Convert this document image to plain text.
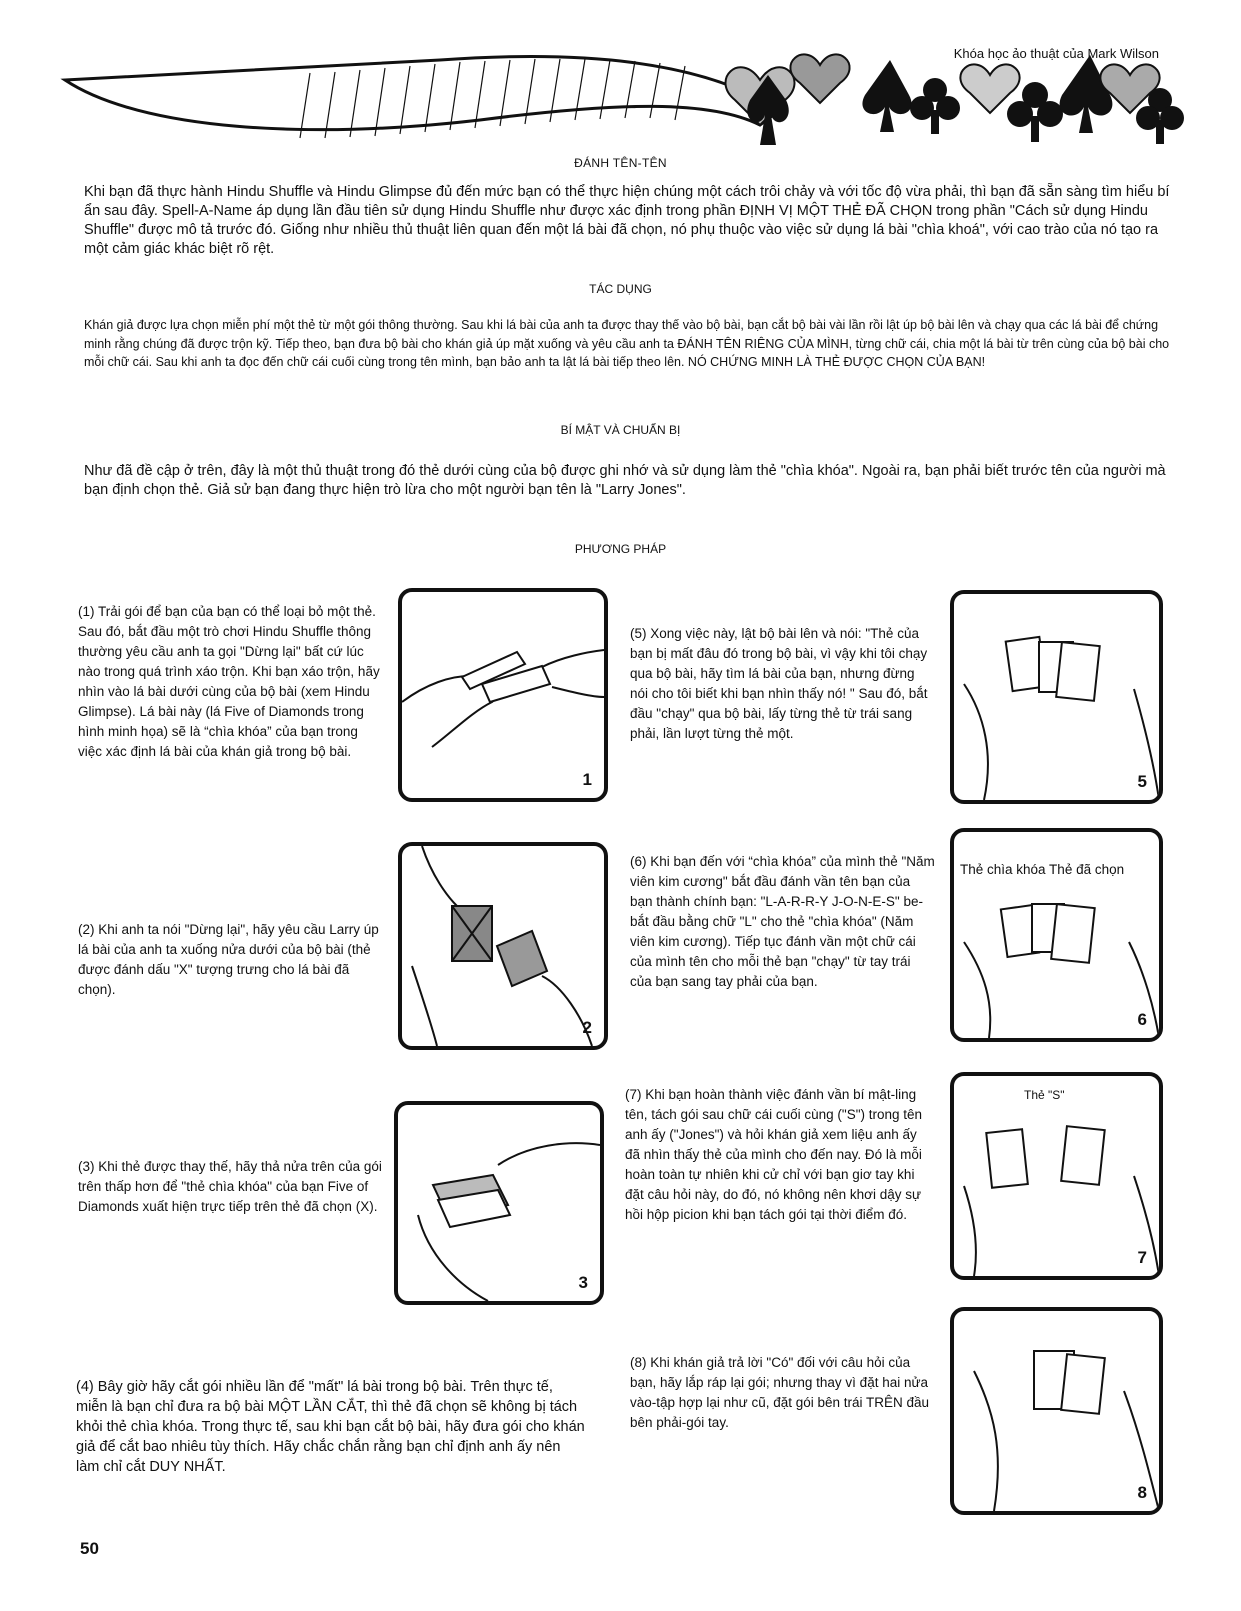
Khóa học ảo thuật của Mark Wilson
ĐÁNH TÊN-TÊN
Khi bạn đã thực hành Hindu Shuffle và Hindu Glimpse đủ đến mức bạn có thể thực hiện chúng một cách trôi chảy và với tốc độ vừa phải, thì bạn đã sẵn sàng tìm hiểu bí ẩn sau đây. Spell-A-Name áp dụng lần đầu tiên sử dụng Hindu Shuffle như được xác định trong phần ĐỊNH VỊ MỘT THẺ ĐÃ CHỌN trong phần "Cách sử dụng Hindu Shuffle" được mô tả trước đó. Giống như nhiều thủ thuật liên quan đến một lá bài đã chọn, nó phụ thuộc vào việc sử dụng lá bài "chìa khoá", với cao trào của nó tạo ra một cảm giác khác biệt rõ rệt.
TÁC DỤNG
Khán giả được lựa chọn miễn phí một thẻ từ một gói thông thường. Sau khi lá bài của anh ta được thay thế vào bộ bài, bạn cắt bộ bài vài lần rồi lật úp bộ bài lên và chạy qua các lá bài để chứng minh rằng chúng đã được trộn kỹ. Tiếp theo, bạn đưa bộ bài cho khán giả úp mặt xuống và yêu cầu anh ta ĐÁNH TÊN RIÊNG CỦA MÌNH, từng chữ cái, chia một lá bài từ trên cùng của bộ bài cho mỗi chữ cái. Sau khi anh ta đọc đến chữ cái cuối cùng trong tên mình, bạn bảo anh ta lật lá bài tiếp theo lên. NÓ CHỨNG MINH LÀ THẺ ĐƯỢC CHỌN CỦA BẠN!
BÍ MẬT VÀ CHUẨN BỊ
Như đã đề cập ở trên, đây là một thủ thuật trong đó thẻ dưới cùng của bộ được ghi nhớ và sử dụng làm thẻ "chìa khóa". Ngoài ra, bạn phải biết trước tên của người mà bạn định chọn thẻ. Giả sử bạn đang thực hiện trò lừa cho một người bạn tên là "Larry Jones".
PHƯƠNG PHÁP
(1) Trải gói để bạn của bạn có thể loại bỏ một thẻ. Sau đó, bắt đầu một trò chơi Hindu Shuffle thông thường yêu cầu anh ta gọi "Dừng lại" bất cứ lúc nào trong quá trình xáo trộn. Khi bạn xáo trộn, hãy nhìn vào lá bài dưới cùng của bộ bài (xem Hindu Glimpse). Lá bài này (lá Five of Diamonds trong hình minh họa) sẽ là “chìa khóa” của bạn trong việc xác định lá bài của khán giả trong bộ bài.
(2) Khi anh ta nói "Dừng lại", hãy yêu cầu Larry úp lá bài của anh ta xuống nửa dưới của bộ bài (thẻ được đánh dấu "X" tượng trưng cho lá bài đã chọn).
(3) Khi thẻ được thay thế, hãy thả nửa trên của gói trên thấp hơn để "thẻ chìa khóa" của bạn Five of Diamonds xuất hiện trực tiếp trên thẻ đã chọn (X).
(4) Bây giờ hãy cắt gói nhiều lần để "mất" lá bài trong bộ bài. Trên thực tế, miễn là bạn chỉ đưa ra bộ bài MỘT LẦN CẮT, thì thẻ đã chọn sẽ không bị tách khỏi thẻ chìa khóa. Trong thực tế, sau khi bạn cắt bộ bài, hãy đưa gói cho khán giả để cắt bao nhiêu tùy thích. Hãy chắc chắn rằng bạn chỉ định anh ấy nên làm chỉ cắt DUY NHẤT.
(5) Xong việc này, lật bộ bài lên và nói: "Thẻ của bạn bị mất đâu đó trong bộ bài, vì vậy khi tôi chạy qua bộ bài, hãy tìm lá bài của bạn, nhưng đừng nói cho tôi biết khi bạn nhìn thấy nó! " Sau đó, bắt đầu "chạy" qua bộ bài, lấy từng thẻ từ trái sang phải, lần lượt từng thẻ một.
(6) Khi bạn đến với “chìa khóa” của mình thẻ "Năm viên kim cương" bắt đầu đánh vần tên bạn của bạn thành chính bạn: "L-A-R-R-Y J-O-N-E-S" be-bắt đầu bằng chữ "L" cho thẻ "chìa khóa" (Năm viên kim cương). Tiếp tục đánh vần một chữ cái của mình tên cho mỗi thẻ bạn "chạy" từ tay trái của bạn sang tay phải của bạn.
(7) Khi bạn hoàn thành việc đánh vần bí mật-ling tên, tách gói sau chữ cái cuối cùng ("S") trong tên anh ấy ("Jones") và hỏi khán giả xem liệu anh ấy đã nhìn thấy thẻ của mình cho đến nay. Đó là mỗi hoàn toàn tự nhiên khi cử chỉ với bạn giơ tay khi đặt câu hỏi này, do đó, nó không nên khơi dậy sự hồi hộp picion khi bạn tách gói tại thời điểm đó.
(8) Khi khán giả trả lời "Có" đối với câu hỏi của bạn, hãy lắp ráp lại gói; nhưng thay vì đặt hai nửa vào-tập hợp lại như cũ, đặt gói bên trái TRÊN đầu bên phải-gói tay.
1
2
3
5
Thẻ chìa khóa Thẻ đã chọn
6
Thẻ "S"
7
8
50
